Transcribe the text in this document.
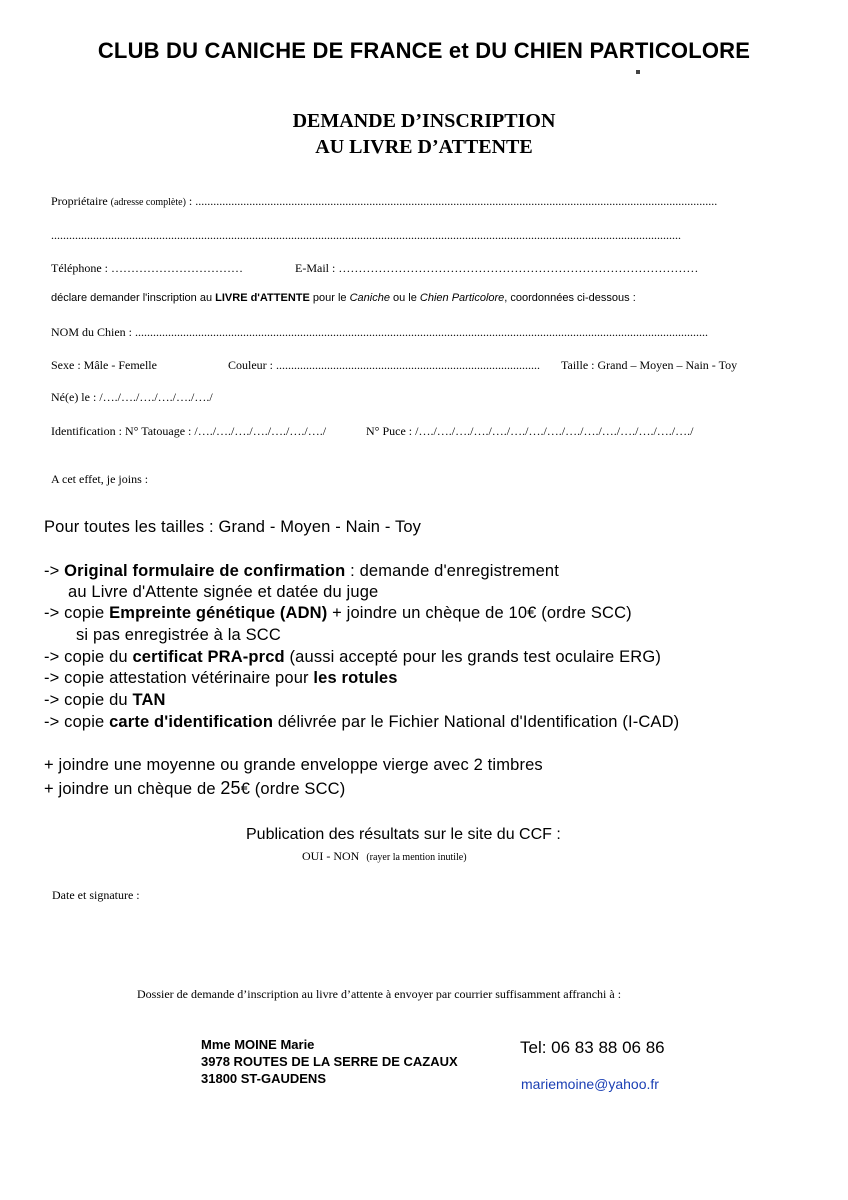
CLUB DU CANICHE DE FRANCE et DU CHIEN PARTICOLORE
DEMANDE D’INSCRIPTION
AU LIVRE D’ATTENTE
Propriétaire (adresse complète) : ..............................................................................................................................................................................
..................................................................................................................................................................................................................
Téléphone : ……………………………	E-Mail : ………………………………………………………………………………
déclare demander l'inscription au LIVRE d'ATTENTE pour le Caniche ou le Chien Particolore, coordonnées ci-dessous :
NOM du Chien : ...............................................................................................................................................................................................
Sexe : Mâle - Femelle	Couleur : ........................................................................................ Taille : Grand – Moyen – Nain - Toy
Né(e) le : /…./…./…./…./…./…./
Identification : N° Tatouage : /…./…./…./…./…./…./…./	N° Puce : /…./…./…./…./…./…./…./…./…./…./…./…./…./…./…./
A cet effet, je joins :
Pour toutes les tailles : Grand - Moyen - Nain - Toy
-> Original formulaire de confirmation : demande d'enregistrement
au Livre d'Attente signée et datée du juge
-> copie Empreinte génétique (ADN) + joindre un chèque de 10€ (ordre SCC)
si pas enregistrée à la SCC
-> copie du certificat PRA-prcd (aussi accepté pour les grands test oculaire ERG)
-> copie attestation vétérinaire pour les rotules
-> copie du TAN
-> copie carte d'identification délivrée par le Fichier National d'Identification (I-CAD)
+ joindre une moyenne ou grande enveloppe vierge avec 2 timbres
+ joindre un chèque de 25€ (ordre SCC)
Publication des résultats sur le site du CCF :
OUI - NON (rayer la mention inutile)
Date et signature :
Dossier de demande d’inscription au livre d’attente à envoyer par courrier suffisamment affranchi à :
Mme MOINE Marie
3978 ROUTES DE LA SERRE DE CAZAUX
31800 ST-GAUDENS
Tel: 06 83 88 06 86
mariemoine@yahoo.fr
